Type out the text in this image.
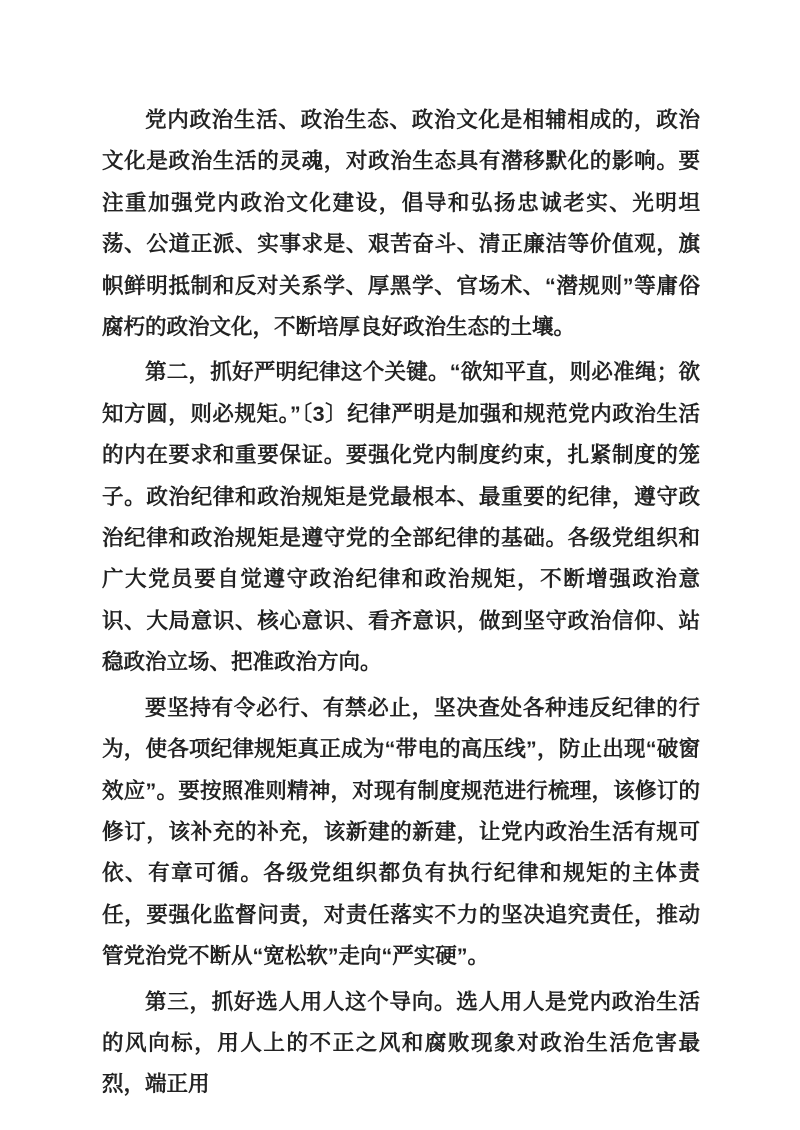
党内政治生活、政治生态、政治文化是相辅相成的，政治文化是政治生活的灵魂，对政治生态具有潜移默化的影响。要注重加强党内政治文化建设，倡导和弘扬忠诚老实、光明坦荡、公道正派、实事求是、艰苦奋斗、清正廉洁等价值观，旗帜鲜明抵制和反对关系学、厚黑学、官场术、“潜规则”等庸俗腐朽的政治文化，不断培厚良好政治生态的土壤。

第二，抓好严明纪律这个关键。“欲知平直，则必准绳；欲知方圆，则必规矩。”〔3〕纪律严明是加强和规范党内政治生活的内在要求和重要保证。要强化党内制度约束，扎紧制度的笼子。政治纪律和政治规矩是党最根本、最重要的纪律，遵守政治纪律和政治规矩是遵守党的全部纪律的基础。各级党组织和广大党员要自觉遵守政治纪律和政治规矩，不断增强政治意识、大局意识、核心意识、看齐意识，做到坚守政治信仰、站稳政治立场、把准政治方向。

要坚持有令必行、有禁必止，坚决查处各种违反纪律的行为，使各项纪律规矩真正成为“带电的高压线”，防止出现“破窗效应”。要按照准则精神，对现有制度规范进行梳理，该修订的修订，该补充的补充，该新建的新建，让党内政治生活有规可依、有章可循。各级党组织都负有执行纪律和规矩的主体责任，要强化监督问责，对责任落实不力的坚决追究责任，推动管党治党不断从“宽松软”走向“严实硬”。

第三，抓好选人用人这个导向。选人用人是党内政治生活的风向标，用人上的不正之风和腐败现象对政治生活危害最烈，端正用
